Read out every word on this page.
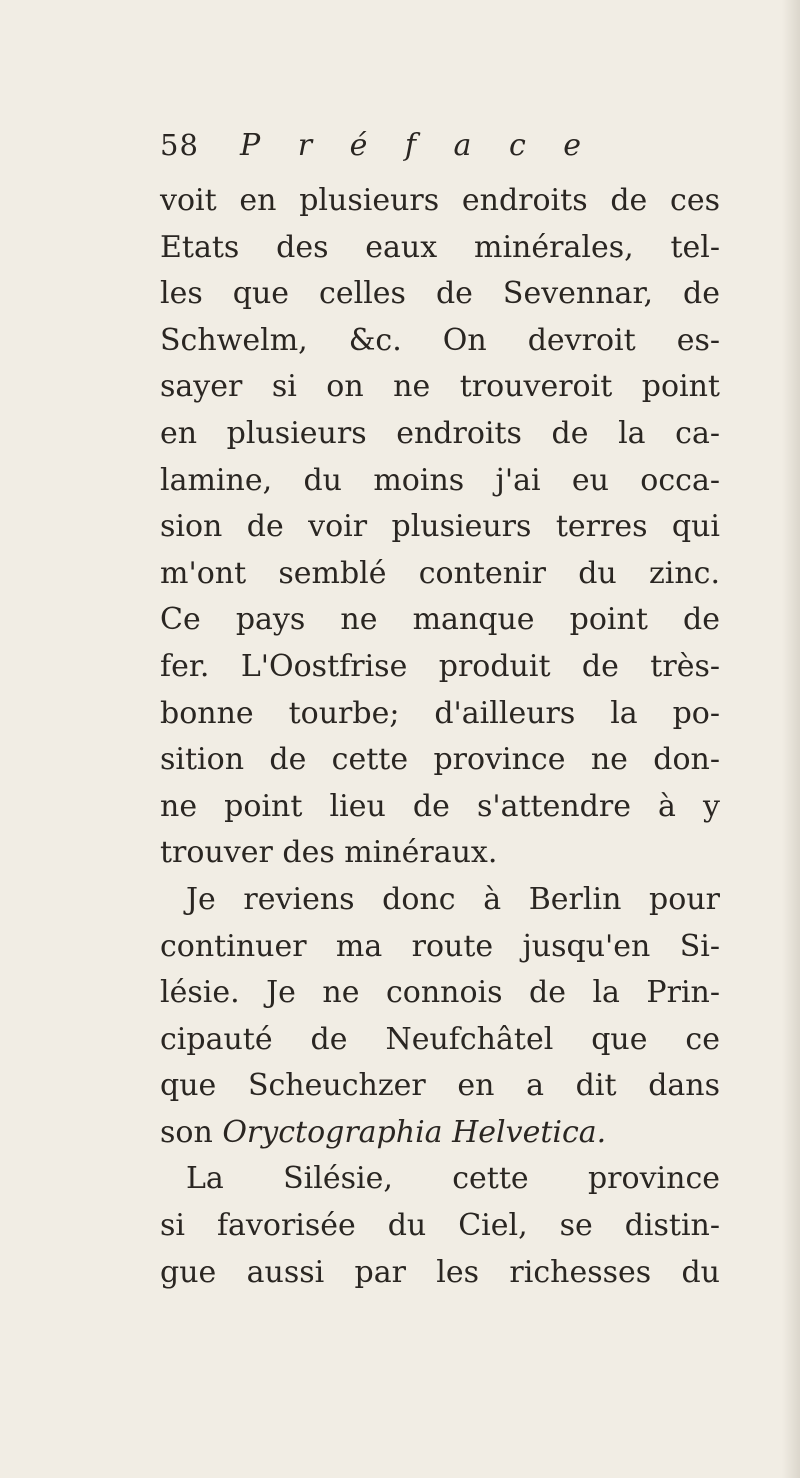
58	P r é f a c e
voit en plusieurs endroits de ces
Etats des eaux minérales, tel-
les que celles de Sevennar, de
Schwelm, &c. On devroit es-
sayer si on ne trouveroit point
en plusieurs endroits de la ca-
lamine, du moins j'ai eu occa-
sion de voir plusieurs terres qui
m'ont semblé contenir du zinc.
Ce pays ne manque point de
fer. L'Oostfrise produit de très-
bonne tourbe; d'ailleurs la po-
sition de cette province ne don-
ne point lieu de s'attendre à y
trouver des minéraux.
Je reviens donc à Berlin pour
continuer ma route jusqu'en Si-
lésie. Je ne connois de la Prin-
cipauté de Neufchâtel que ce
que Scheuchzer en a dit dans
son Oryctographia Helvetica.
La Silésie, cette province
si favorisée du Ciel, se distin-
gue aussi par les richesses du
